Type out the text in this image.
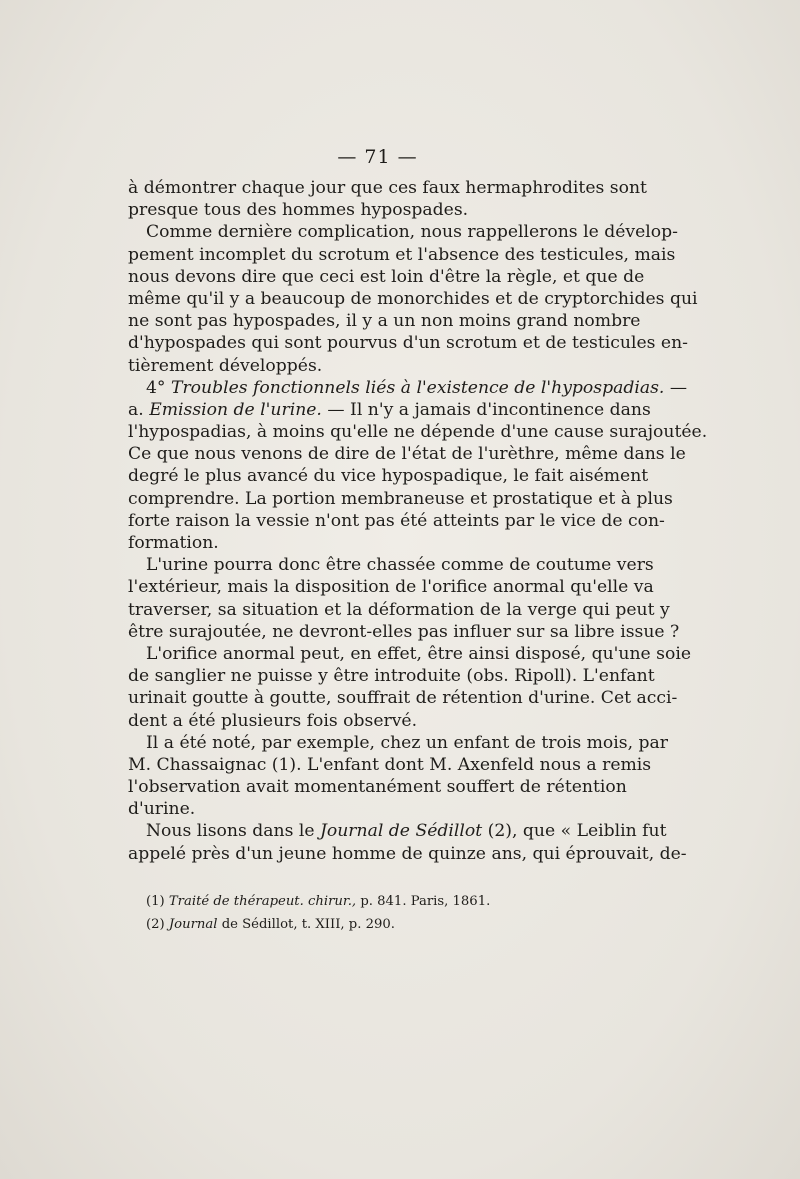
— 71 —
à démontrer chaque jour que ces faux hermaphrodites sont
presque tous des hommes hypospades.
Comme dernière complication, nous rappellerons le dévelop-
pement incomplet du scrotum et l'absence des testicules, mais
nous devons dire que ceci est loin d'être la règle, et que de
même qu'il y a beaucoup de monorchides et de cryptorchides qui
ne sont pas hypospades, il y a un non moins grand nombre
d'hypospades qui sont pourvus d'un scrotum et de testicules en-
tièrement développés.
4° Troubles fonctionnels liés à l'existence de l'hypospadias. —
a. Emission de l'urine. — Il n'y a jamais d'incontinence dans
l'hypospadias, à moins qu'elle ne dépende d'une cause surajoutée.
Ce que nous venons de dire de l'état de l'urèthre, même dans le
degré le plus avancé du vice hypospadique, le fait aisément
comprendre. La portion membraneuse et prostatique et à plus
forte raison la vessie n'ont pas été atteints par le vice de con-
formation.
L'urine pourra donc être chassée comme de coutume vers
l'extérieur, mais la disposition de l'orifice anormal qu'elle va
traverser, sa situation et la déformation de la verge qui peut y
être surajoutée, ne devront-elles pas influer sur sa libre issue ?
L'orifice anormal peut, en effet, être ainsi disposé, qu'une soie
de sanglier ne puisse y être introduite (obs. Ripoll). L'enfant
urinait goutte à goutte, souffrait de rétention d'urine. Cet acci-
dent a été plusieurs fois observé.
Il a été noté, par exemple, chez un enfant de trois mois, par
M. Chassaignac (1). L'enfant dont M. Axenfeld nous a remis
l'observation avait momentanément souffert de rétention
d'urine.
Nous lisons dans le Journal de Sédillot (2), que « Leiblin fut
appelé près d'un jeune homme de quinze ans, qui éprouvait, de-
(1) Traité de thérapeut. chirur., p. 841. Paris, 1861.
(2) Journal de Sédillot, t. XIII, p. 290.
